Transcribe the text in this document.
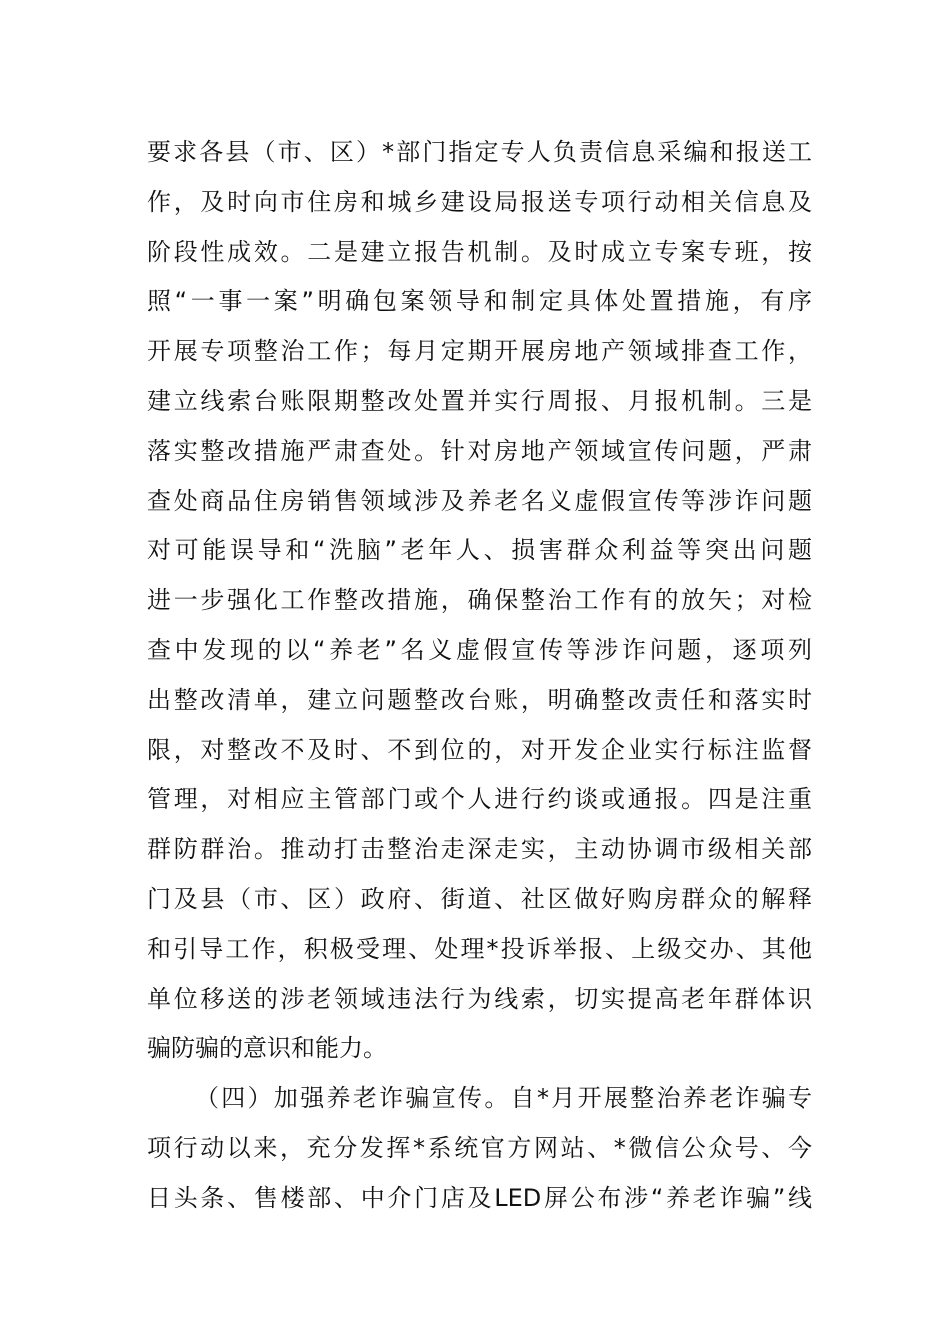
要求各县（市、区）*部门指定专人负责信息采编和报送工
作，及时向市住房和城乡建设局报送专项行动相关信息及
阶段性成效。二是建立报告机制。及时成立专案专班，按
照“一事一案”明确包案领导和制定具体处置措施，有序
开展专项整治工作；每月定期开展房地产领域排查工作，
建立线索台账限期整改处置并实行周报、月报机制。三是
落实整改措施严肃查处。针对房地产领域宣传问题，严肃
查处商品住房销售领域涉及养老名义虚假宣传等涉诈问题
对可能误导和“洗脑”老年人、损害群众利益等突出问题
进一步强化工作整改措施，确保整治工作有的放矢；对检
查中发现的以“养老”名义虚假宣传等涉诈问题，逐项列
出整改清单，建立问题整改台账，明确整改责任和落实时
限，对整改不及时、不到位的，对开发企业实行标注监督
管理，对相应主管部门或个人进行约谈或通报。四是注重
群防群治。推动打击整治走深走实，主动协调市级相关部
门及县（市、区）政府、街道、社区做好购房群众的解释
和引导工作，积极受理、处理*投诉举报、上级交办、其他
单位移送的涉老领域违法行为线索，切实提高老年群体识
骗防骗的意识和能力。
（四）加强养老诈骗宣传。自*月开展整治养老诈骗专
项行动以来，充分发挥*系统官方网站、*微信公众号、今
日头条、售楼部、中介门店及LED屏公布涉“养老诈骗”线
